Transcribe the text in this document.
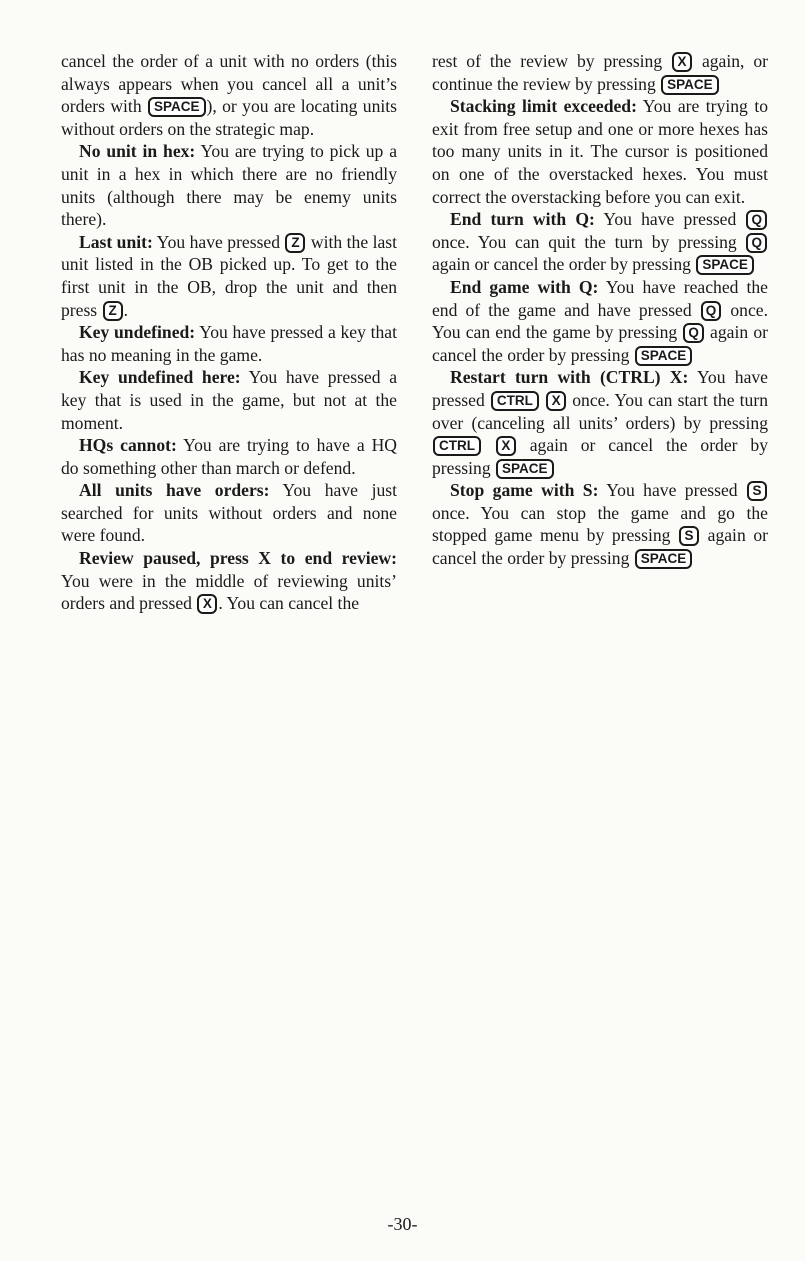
cancel the order of a unit with no orders (this always appears when you cancel all a unit’s orders with SPACE ), or you are locating units without orders on the strategic map.

No unit in hex: You are trying to pick up a unit in a hex in which there are no friendly units (although there may be enemy units there).

Last unit: You have pressed Z with the last unit listed in the OB picked up. To get to the first unit in the OB, drop the unit and then press Z .

Key undefined: You have pressed a key that has no meaning in the game.

Key undefined here: You have pressed a key that is used in the game, but not at the moment.

HQs cannot: You are trying to have a HQ do something other than march or defend.

All units have orders: You have just searched for units without orders and none were found.

Review paused, press X to end review: You were in the middle of reviewing units’ orders and pressed X . You can cancel the

rest of the review by pressing X again, or continue the review by pressing SPACE

Stacking limit exceeded: You are trying to exit from free setup and one or more hexes has too many units in it. The cursor is positioned on one of the overstacked hexes. You must correct the overstacking before you can exit.

End turn with Q: You have pressed Q once. You can quit the turn by pressing Q again or cancel the order by pressing SPACE

End game with Q: You have reached the end of the game and have pressed Q once. You can end the game by pressing Q again or cancel the order by pressing SPACE

Restart turn with (CTRL) X: You have pressed CTRL X once. You can start the turn over (canceling all units’ orders) by pressing CTRL X again or cancel the order by pressing SPACE

Stop game with S: You have pressed S once. You can stop the game and go the stopped game menu by pressing S again or cancel the order by pressing SPACE

-30-
